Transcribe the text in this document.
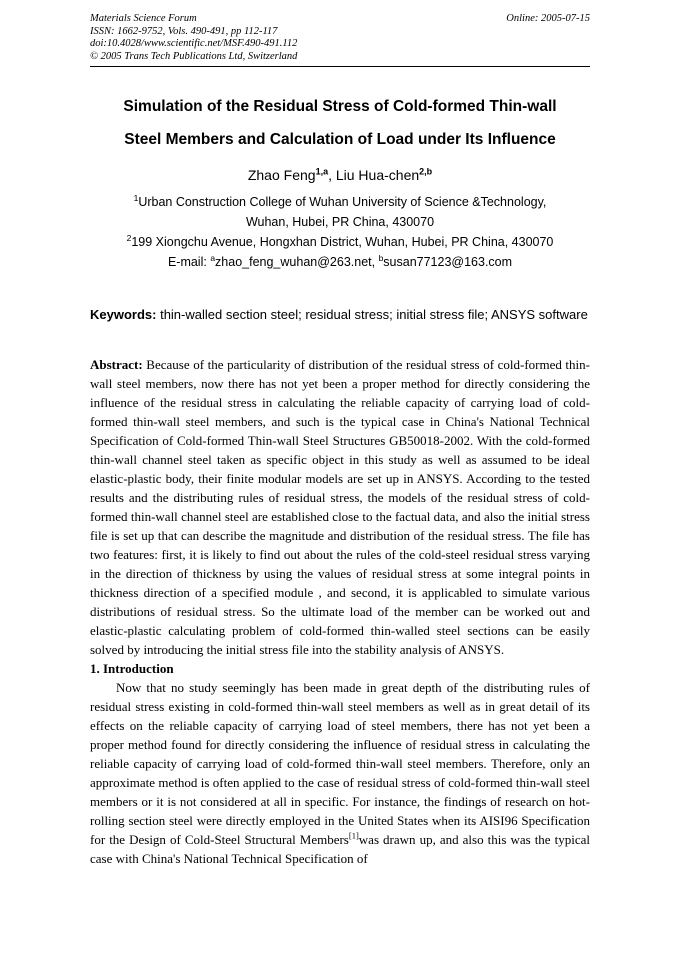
Materials Science Forum
ISSN: 1662-9752, Vols. 490-491, pp 112-117
doi:10.4028/www.scientific.net/MSF.490-491.112
© 2005 Trans Tech Publications Ltd, Switzerland
Online: 2005-07-15
Simulation of the Residual Stress of Cold-formed Thin-wall
Steel Members and Calculation of Load under Its Influence

Zhao Feng$^{1,a}$, Liu Hua-chen$^{2,b}$

$^1$Urban Construction College of Wuhan University of Science &Technology,
Wuhan, Hubei, PR China, 430070
$^2$199 Xiongchu Avenue, Hongxhan District, Wuhan, Hubei, PR China, 430070
E-mail: $^a$zhao_feng_wuhan@263.net, $^b$susan77123@163.com

Keywords: thin-walled section steel; residual stress; initial stress file; ANSYS software

Abstract: Because of the particularity of distribution of the residual stress of cold-formed thin-wall steel members, now there has not yet been a proper method for directly considering the influence of the residual stress in calculating the reliable capacity of carrying load of cold-formed thin-wall steel members, and such is the typical case in China's National Technical Specification of Cold-formed Thin-wall Steel Structures GB50018-2002. With the cold-formed thin-wall channel steel taken as specific object in this study as well as assumed to be ideal elastic-plastic body, their finite modular models are set up in ANSYS. According to the tested results and the distributing rules of residual stress, the models of the residual stress of cold-formed thin-wall channel steel are established close to the factual data, and also the initial stress file is set up that can describe the magnitude and distribution of the residual stress. The file has two features: first, it is likely to find out about the rules of the cold-steel residual stress varying in the direction of thickness by using the values of residual stress at some integral points in thickness direction of a specified module , and second, it is applicabled to simulate various distributions of residual stress. So the ultimate load of the member can be worked out and elastic-plastic calculating problem of cold-formed thin-walled steel sections can be easily solved by introducing the initial stress file into the stability analysis of ANSYS.

1. Introduction

Now that no study seemingly has been made in great depth of the distributing rules of residual stress existing in cold-formed thin-wall steel members as well as in great detail of its effects on the reliable capacity of carrying load of steel members, there has not yet been a proper method found for directly considering the influence of residual stress in calculating the reliable capacity of carrying load of cold-formed thin-wall steel members. Therefore, only an approximate method is often applied to the case of residual stress of cold-formed thin-wall steel members or it is not considered at all in specific. For instance, the findings of research on hot-rolling section steel were directly employed in the United States when its AISI96 Specification for the Design of Cold-Steel Structural Members[1]was drawn up, and also this was the typical case with China's National Technical Specification of
